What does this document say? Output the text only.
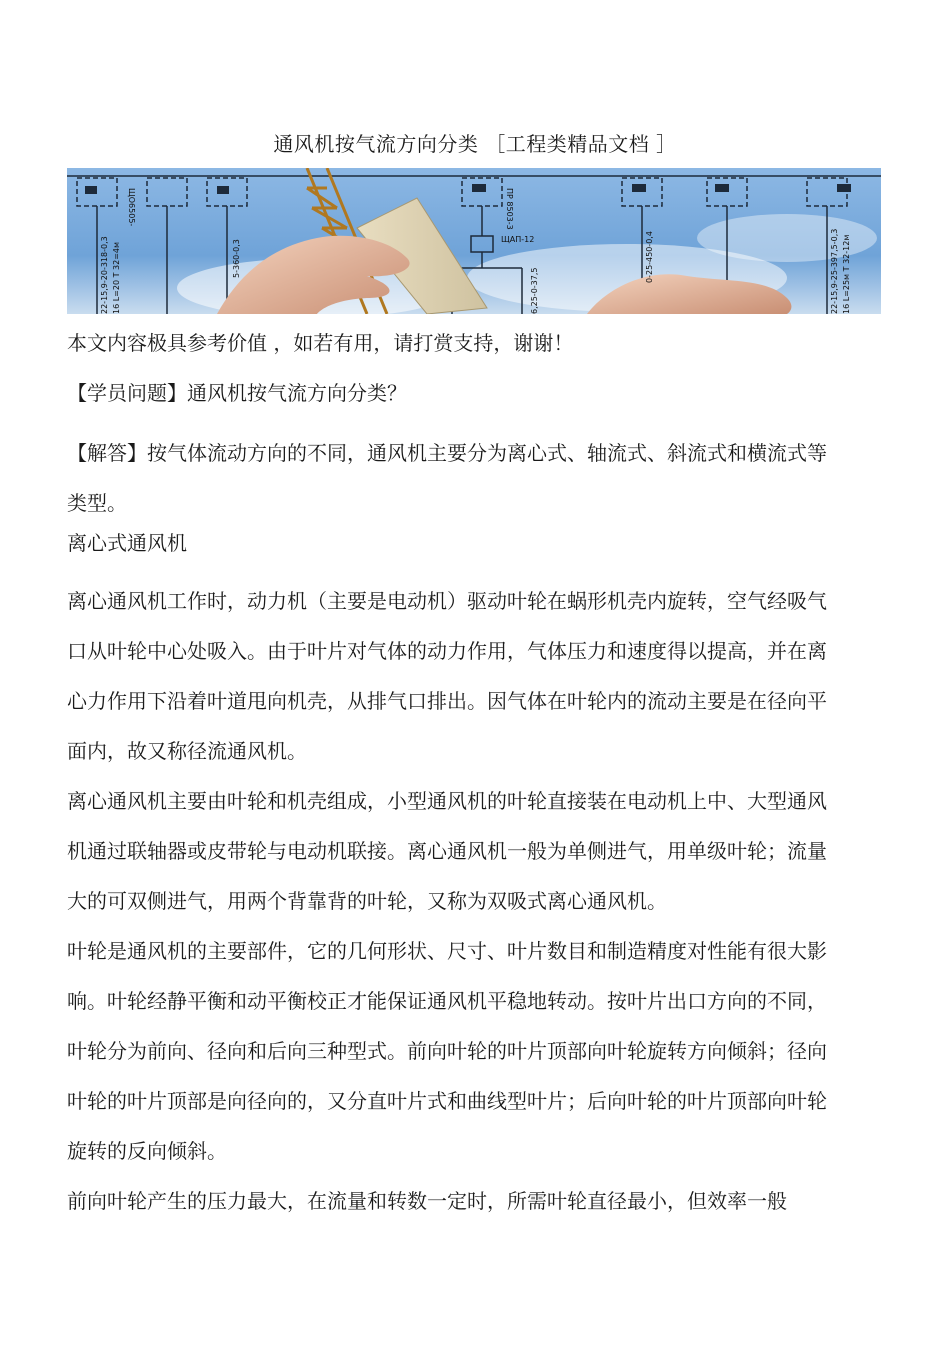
通风机按气流方向分类 ［工程类精品文档 ］
ЩО6505-	ПР 8503-3
ЩАП-12
22-15,9-20-318-0,3 16 L=20 Т 32=4м	5-360-0,3	0-25-450-0,4
6,25-0-37,5	22-15,9-25-397,5-0,3 16 L=25м Т 32-12м

本文内容极具参考价值 ，如若有用，请打赏支持，谢谢！

【学员问题】通风机按气流方向分类？

【解答】按气体流动方向的不同，通风机主要分为离心式、轴流式、斜流式和横流式等类型。

离心式通风机

离心通风机工作时，动力机（主要是电动机）驱动叶轮在蜗形机壳内旋转，空气经吸气口从叶轮中心处吸入。由于叶片对气体的动力作用，气体压力和速度得以提高，并在离心力作用下沿着叶道甩向机壳，从排气口排出。因气体在叶轮内的流动主要是在径向平面内，故又称径流通风机。

离心通风机主要由叶轮和机壳组成，小型通风机的叶轮直接装在电动机上中、大型通风机通过联轴器或皮带轮与电动机联接。离心通风机一般为单侧进气，用单级叶轮；流量大的可双侧进气，用两个背靠背的叶轮，又称为双吸式离心通风机。

叶轮是通风机的主要部件，它的几何形状、尺寸、叶片数目和制造精度对性能有很大影响。叶轮经静平衡和动平衡校正才能保证通风机平稳地转动。按叶片出口方向的不同，叶轮分为前向、径向和后向三种型式。前向叶轮的叶片顶部向叶轮旋转方向倾斜；径向叶轮的叶片顶部是向径向的，又分直叶片式和曲线型叶片；后向叶轮的叶片顶部向叶轮旋转的反向倾斜。

前向叶轮产生的压力最大，在流量和转数一定时，所需叶轮直径最小，但效率一般
